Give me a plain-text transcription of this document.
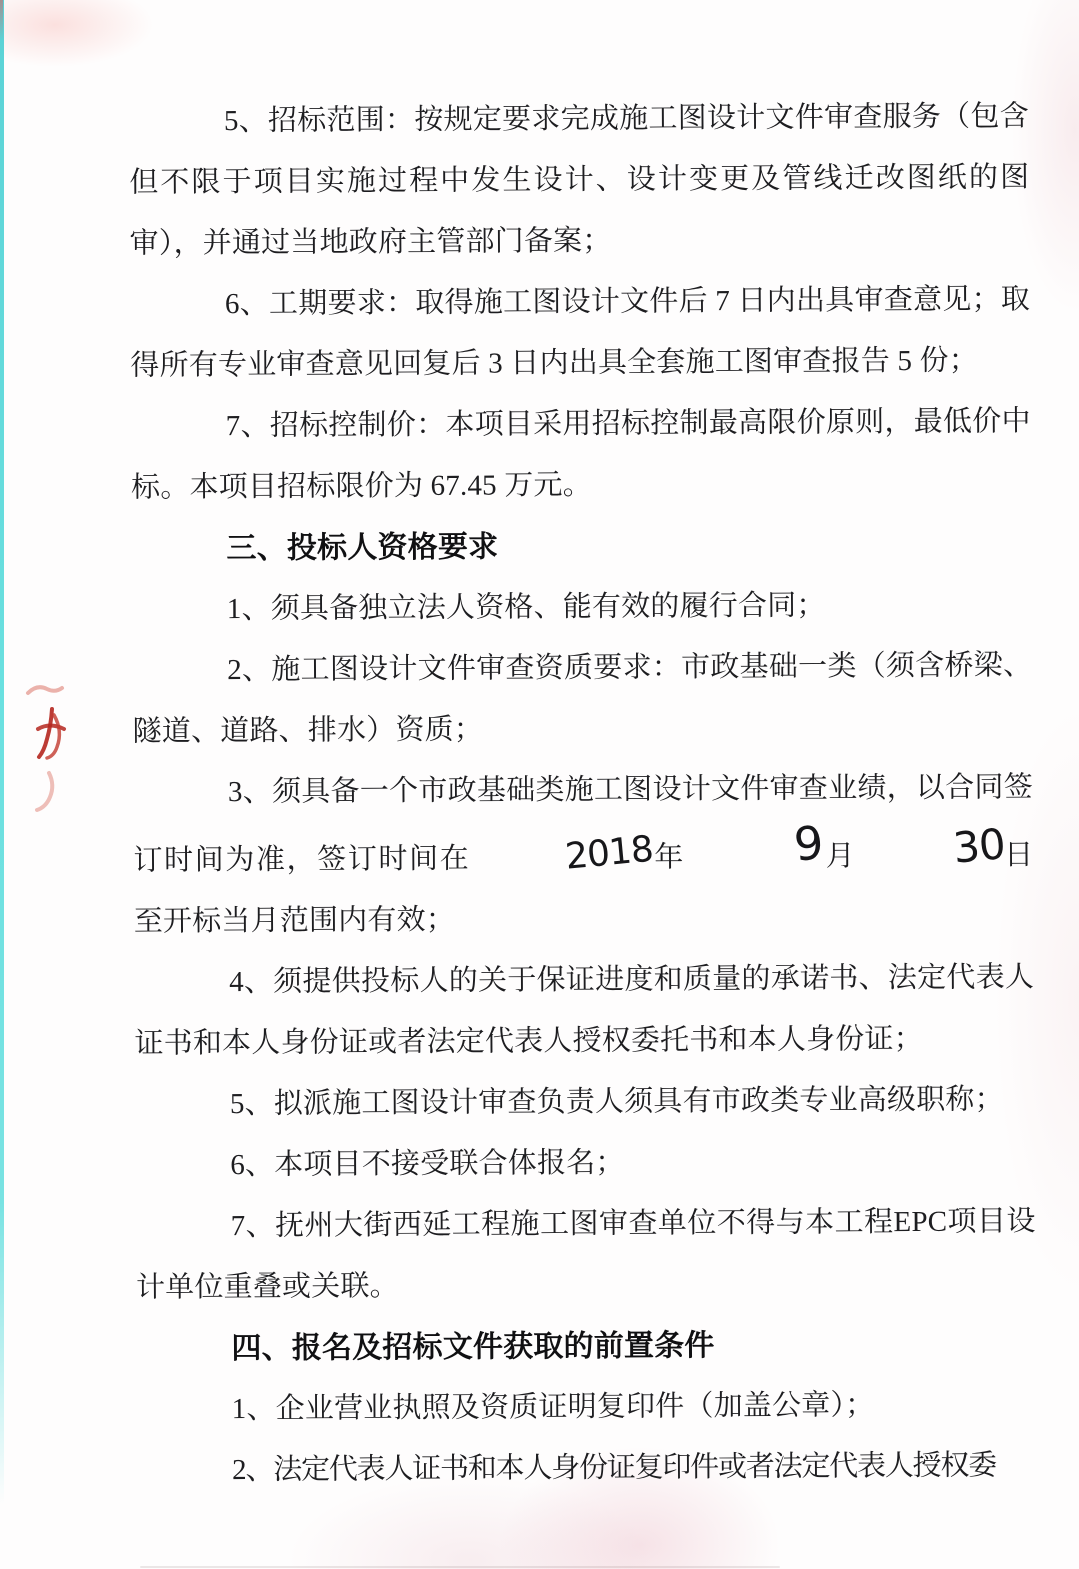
5、招标范围：按规定要求完成施工图设计文件审查服务（包含但不限于项目实施过程中发生设计、设计变更及管线迁改图纸的图审），并通过当地政府主管部门备案；

6、工期要求：取得施工图设计文件后 7 日内出具审查意见；取得所有专业审查意见回复后 3 日内出具全套施工图审查报告 5 份；

7、招标控制价：本项目采用招标控制最高限价原则，最低价中标。本项目招标限价为 67.45 万元。

三、投标人资格要求

1、须具备独立法人资格、能有效的履行合同；

2、施工图设计文件审查资质要求：市政基础一类（须含桥梁、隧道、道路、排水）资质；

3、须具备一个市政基础类施工图设计文件审查业绩，以合同签订时间为准，签订时间在	2018年 9月 30日至开标当月范围内有效；

4、须提供投标人的关于保证进度和质量的承诺书、法定代表人证书和本人身份证或者法定代表人授权委托书和本人身份证；

5、拟派施工图设计审查负责人须具有市政类专业高级职称；

6、本项目不接受联合体报名；

7、抚州大街西延工程施工图审查单位不得与本工程EPC项目设计单位重叠或关联。

四、报名及招标文件获取的前置条件

1、企业营业执照及资质证明复印件（加盖公章）；

2、法定代表人证书和本人身份证复印件或者法定代表人授权委
